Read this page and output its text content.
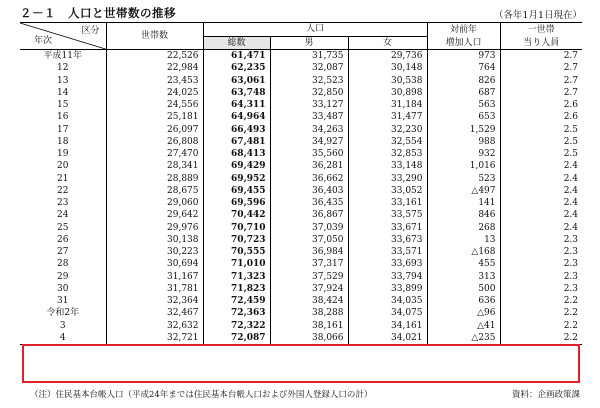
２－１　人口と世帯数の推移	（各年1月1日現在）
区分
年次	世帯数	人口			対前年	一世帯
		総数	男	女	増加人口	当り人員
平成11年	22,526	61,471	31,735	29,736	973	2.7
12	22,984	62,235	32,087	30,148	764	2.7
13	23,453	63,061	32,523	30,538	826	2.7
14	24,025	63,748	32,850	30,898	687	2.7
15	24,556	64,311	33,127	31,184	563	2.6
16	25,181	64,964	33,487	31,477	653	2.6
17	26,097	66,493	34,263	32,230	1,529	2.5
18	26,808	67,481	34,927	32,554	988	2.5
19	27,470	68,413	35,560	32,853	932	2.5
20	28,341	69,429	36,281	33,148	1,016	2.4
21	28,889	69,952	36,662	33,290	523	2.4
22	28,675	69,455	36,403	33,052	△497	2.4
23	29,060	69,596	36,435	33,161	141	2.4
24	29,642	70,442	36,867	33,575	846	2.4
25	29,976	70,710	37,039	33,671	268	2.4
26	30,138	70,723	37,050	33,673	13	2.3
27	30,223	70,555	36,984	33,571	△168	2.3
28	30,694	71,010	37,317	33,693	455	2.3
29	31,167	71,323	37,529	33,794	313	2.3
30	31,781	71,823	37,924	33,899	500	2.3
31	32,364	72,459	38,424	34,035	636	2.2
令和2年	32,467	72,363	38,288	34,075	△96	2.2
3	32,632	72,322	38,161	34,161	△41	2.2
4	32,721	72,087	38,066	34,021	△235	2.2
（注）住民基本台帳人口（平成24年までは住民基本台帳人口および外国人登録人口の計）	資料：企画政策課
